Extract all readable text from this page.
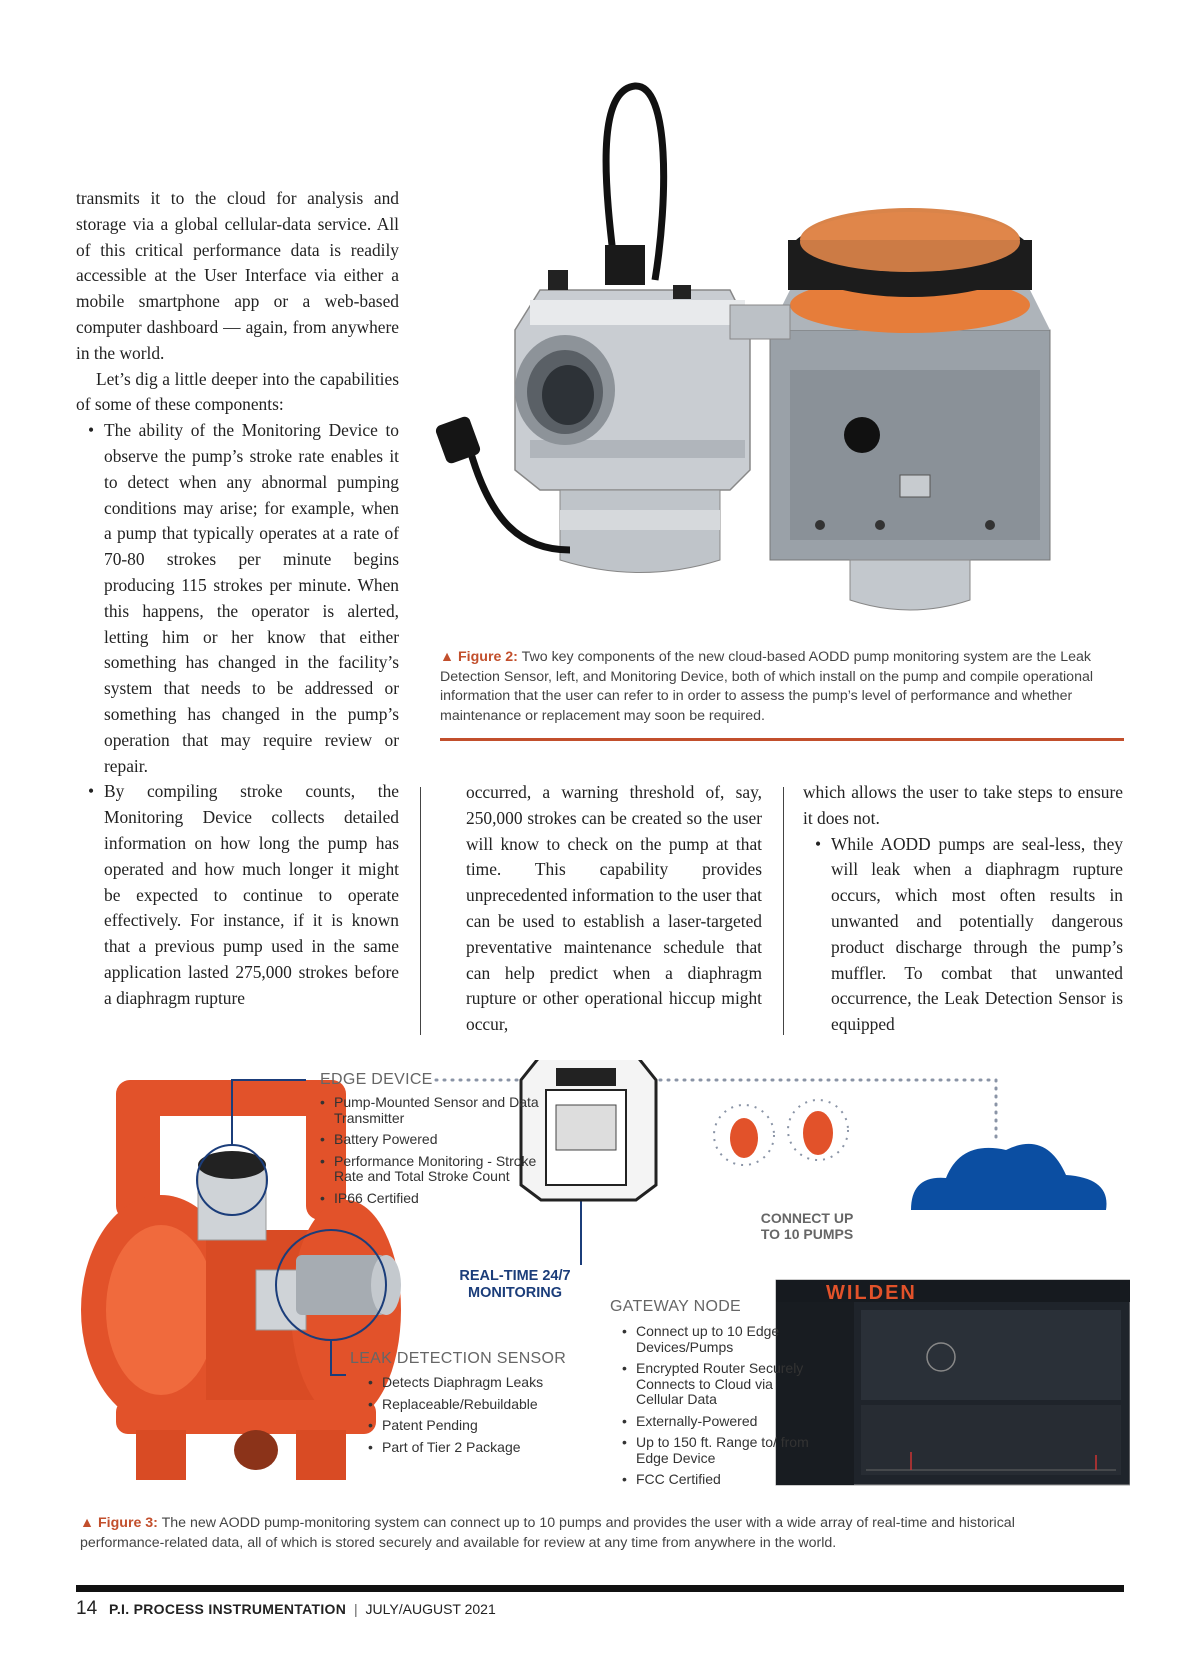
transmits it to the cloud for analysis and storage via a global cellular-data service. All of this critical performance data is readily accessible at the User Interface via either a mobile smartphone app or a web-based computer dashboard — again, from anywhere in the world.

Let’s dig a little deeper into the capabilities of some of these components:

• The ability of the Monitoring Device to observe the pump’s stroke rate enables it to detect when any abnormal pumping conditions may arise; for example, when a pump that typically operates at a rate of 70-80 strokes per minute begins producing 115 strokes per minute. When this happens, the operator is alerted, letting him or her know that either something has changed in the facility’s system that needs to be addressed or something has changed in the pump’s operation that may require review or repair.
• By compiling stroke counts, the Monitoring Device collects detailed information on how long the pump has operated and how much longer it might be expected to continue to operate effectively. For instance, if it is known that a previous pump used in the same application lasted 275,000 strokes before a diaphragm rupture
▲ Figure 2: Two key components of the new cloud-based AODD pump monitoring system are the Leak Detection Sensor, left, and Monitoring Device, both of which install on the pump and compile operational information that the user can refer to in order to assess the pump’s level of performance and whether maintenance or replacement may soon be required.
occurred, a warning threshold of, say, 250,000 strokes can be created so the user will know to check on the pump at that time. This capability provides unprecedented information to the user that can be used to establish a laser-targeted preventative maintenance schedule that can help predict when a diaphragm rupture or other operational hiccup might occur,

which allows the user to take steps to ensure it does not.

• While AODD pumps are seal-less, they will leak when a diaphragm rupture occurs, which most often results in unwanted and potentially dangerous product discharge through the pump’s muffler. To combat that unwanted occurrence, the Leak Detection Sensor is equipped
EDGE DEVICE
• Pump-Mounted Sensor and Data Transmitter
• Battery Powered
• Performance Monitoring - Stroke Rate and Total Stroke Count
• IP66 Certified
REAL-TIME 24/7 MONITORING
LEAK DETECTION SENSOR
• Detects Diaphragm Leaks
• Replaceable/Rebuildable
• Patent Pending
• Part of Tier 2 Package
GATEWAY NODE
• Connect up to 10 Edge Devices/Pumps
• Encrypted Router Securely Connects to Cloud via Cellular Data
• Externally-Powered
• Up to 150 ft. Range to/ from Edge Device
• FCC Certified
CONNECT UP TO 10 PUMPS
WILDEN
▲ Figure 3: The new AODD pump-monitoring system can connect up to 10 pumps and provides the user with a wide array of real-time and historical performance-related data, all of which is stored securely and available for review at any time from anywhere in the world.
14 P.I. PROCESS INSTRUMENTATION | JULY/AUGUST 2021
